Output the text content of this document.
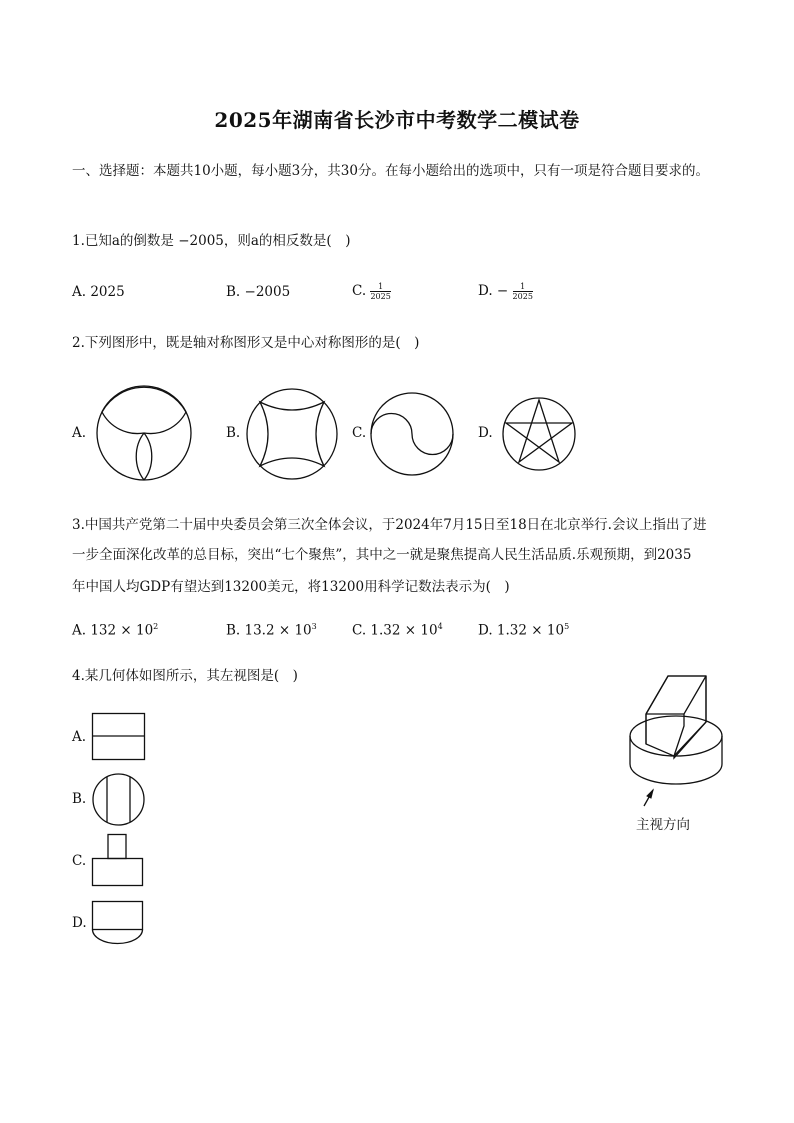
2025年湖南省长沙市中考数学二模试卷
一、选择题：本题共10小题，每小题3分，共30分。在每小题给出的选项中，只有一项是符合题目要求的。
1.已知a的倒数是 −2005，则a的相反数是(　)
A. 2025	B. −2005	C. $\frac{1}{2025}$	D. − $\frac{1}{2025}$
2.下列图形中，既是轴对称图形又是中心对称图形的是(　)
A.	B.	C.	D.
3.中国共产党第二十届中央委员会第三次全体会议，于2024年7月15日至18日在北京举行.会议上指出了进
一步全面深化改革的总目标，突出“七个聚焦”，其中之一就是聚焦提高人民生活品质.乐观预期，到2035
年中国人均GDP有望达到13200美元，将13200用科学记数法表示为(　)
A. $132 \times 10^2$	B. $13.2 \times 10^3$	C. $1.32 \times 10^4$	D. $1.32 \times 10^5$
4.某几何体如图所示，其左视图是(　)
A.
B.
C.
D.
主视方向
